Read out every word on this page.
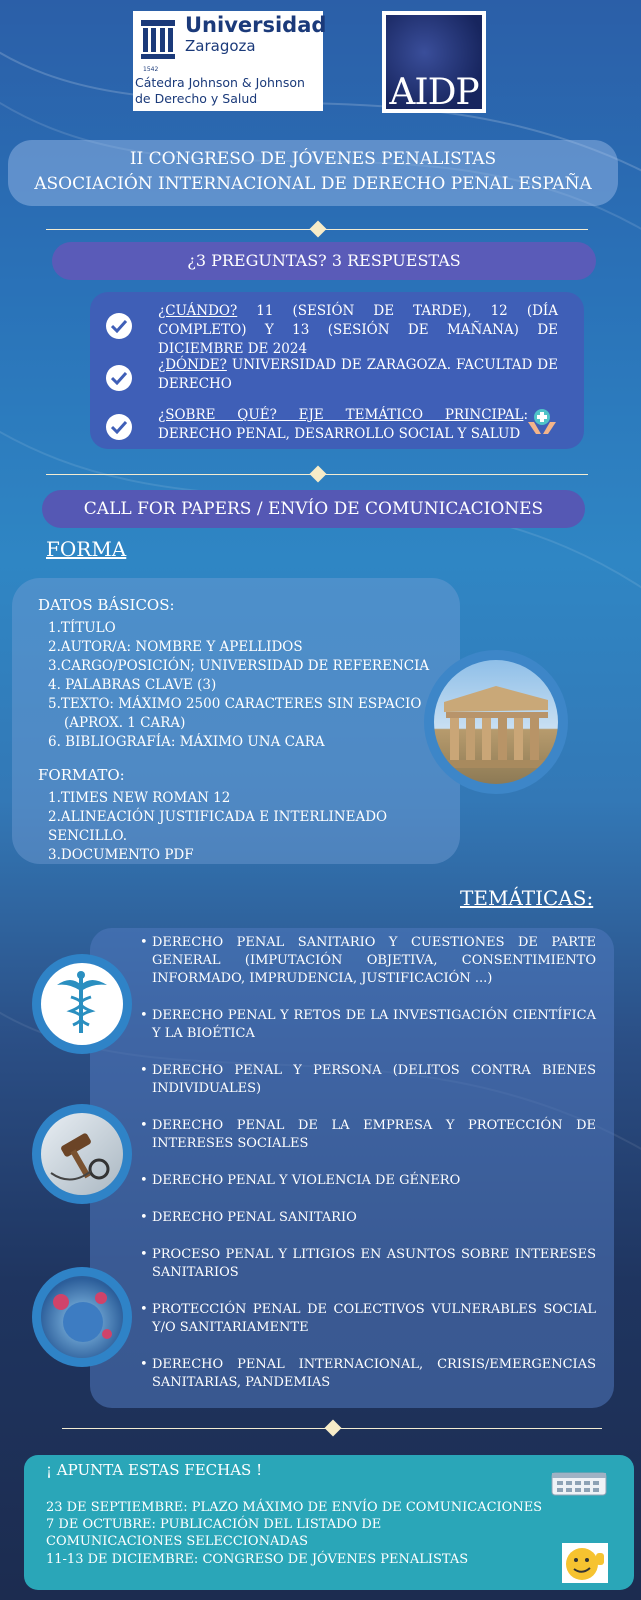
Universidad
Zaragoza
1542
Cátedra Johnson & Johnson
de Derecho y Salud	AIDP
II CONGRESO DE JÓVENES PENALISTAS
ASOCIACIÓN INTERNACIONAL DE DERECHO PENAL ESPAÑA
¿3 PREGUNTAS? 3 RESPUESTAS
¿CUÁNDO? 11 (SESIÓN DE TARDE), 12 (DÍA COMPLETO) Y 13 (SESIÓN DE MAÑANA) DE DICIEMBRE DE 2024
¿DÓNDE? UNIVERSIDAD DE ZARAGOZA. FACULTAD DE DERECHO
¿SOBRE QUÉ? EJE TEMÁTICO PRINCIPAL: DERECHO PENAL, DESARROLLO SOCIAL Y SALUD
CALL FOR PAPERS / ENVÍO DE COMUNICACIONES
FORMA
DATOS BÁSICOS:
1.TÍTULO
2.AUTOR/A: NOMBRE Y APELLIDOS
3.CARGO/POSICIÓN; UNIVERSIDAD DE REFERENCIA
4. PALABRAS CLAVE (3)
5.TEXTO: MÁXIMO 2500 CARACTERES SIN ESPACIO
(APROX. 1 CARA)
6. BIBLIOGRAFÍA: MÁXIMO UNA CARA
FORMATO:
1.TIMES NEW ROMAN 12
2.ALINEACIÓN JUSTIFICADA E INTERLINEADO SENCILLO.
3.DOCUMENTO PDF
TEMÁTICAS:
• DERECHO PENAL SANITARIO Y CUESTIONES DE PARTE GENERAL (IMPUTACIÓN OBJETIVA, CONSENTIMIENTO INFORMADO, IMPRUDENCIA, JUSTIFICACIÓN ...)
• DERECHO PENAL Y RETOS DE LA INVESTIGACIÓN CIENTÍFICA Y LA BIOÉTICA
• DERECHO PENAL Y PERSONA (DELITOS CONTRA BIENES INDIVIDUALES)
• DERECHO PENAL DE LA EMPRESA Y PROTECCIÓN DE INTERESES SOCIALES
• DERECHO PENAL Y VIOLENCIA DE GÉNERO
• DERECHO PENAL SANITARIO
• PROCESO PENAL Y LITIGIOS EN ASUNTOS SOBRE INTERESES SANITARIOS
• PROTECCIÓN PENAL DE COLECTIVOS VULNERABLES SOCIAL Y/O SANITARIAMENTE
• DERECHO PENAL INTERNACIONAL, CRISIS/EMERGENCIAS SANITARIAS, PANDEMIAS
¡ APUNTA ESTAS FECHAS !
23 DE SEPTIEMBRE: PLAZO MÁXIMO DE ENVÍO DE COMUNICACIONES
7 DE OCTUBRE: PUBLICACIÓN DEL LISTADO DE COMUNICACIONES SELECCIONADAS
11-13 DE DICIEMBRE: CONGRESO DE JÓVENES PENALISTAS
